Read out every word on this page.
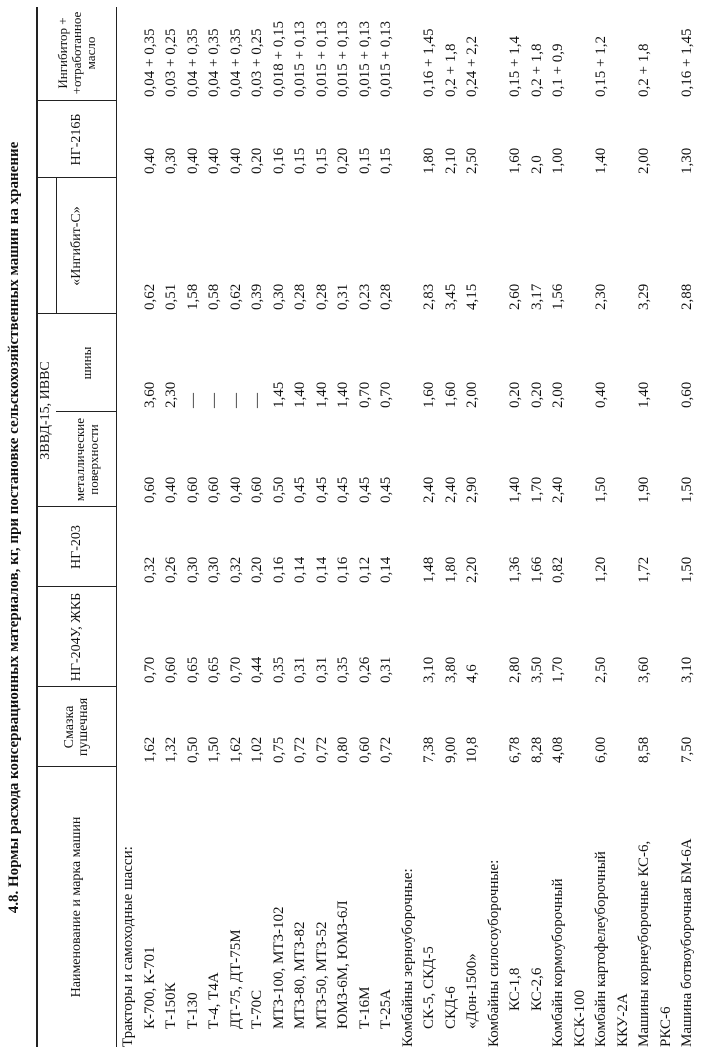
4.8. Нормы расхода консервационных материалов, кг, при постановке сельскохозяйственных машин на хранение	Наименование и марка машин
Смазка пушечная
НГ-204У, ЖКБ
НГ-203
ЗВВД-15, ИВВС	металлические поверхности
шины
«Ингибит-С»
НГ-216Б
Ингибитор + +отработанное масло
Тракторы и самоходные шасси: К-700, К-701
1,62
0,70
0,32
0,60
3,60
0,62
0,40
0,04 + 0,35
Т-150К
1,32
0,60
0,26
0,40
2,30
0,51
0,30
0,03 + 0,25
Т-130
0,50
0,65
0,30
0,60
—
1,58
0,40
0,04 + 0,35
Т-4, Т4А
1,50
0,65
0,30
0,60
—
0,58
0,40
0,04 + 0,35
ДТ-75, ДТ-75М
1,62
0,70
0,32
0,40
—
0,62
0,40
0,04 + 0,35
Т-70С
1,02
0,44
0,20
0,60
—
0,39
0,20
0,03 + 0,25
МТЗ-100, МТЗ-102
0,75
0,35
0,16
0,50
1,45
0,30
0,16
0,018 + 0,15
МТЗ-80, МТЗ-82
0,72
0,31
0,14
0,45
1,40
0,28
0,15
0,015 + 0,13
МТЗ-50, МТЗ-52
0,72
0,31
0,14
0,45
1,40
0,28
0,15
0,015 + 0,13
ЮМЗ-6М, ЮМЗ-6Л
0,80
0,35
0,16
0,45
1,40
0,31
0,20
0,015 + 0,13
Т-16М
0,60
0,26
0,12
0,45
0,70
0,23
0,15
0,015 + 0,13
Т-25А
0,72
0,31
0,14
0,45
0,70
0,28
0,15
0,015 + 0,13
Комбайны зерноуборочные: СК-5, СКД-5
7,38
3,10
1,48
2,40
1,60
2,83
1,80
0,16 + 1,45
СКД-6
9,00
3,80
1,80
2,40
1,60
3,45
2,10
0,2 + 1,8
«Дон-1500»
10,8
4,6
2,20
2,90
2,00
4,15
2,50
0,24 + 2,2
Комбайны силосоуборочные: КС-1,8
6,78
2,80
1,36
1,40
0,20
2,60
1,60
0,15 + 1,4
КС-2,6
8,28
3,50
1,66
1,70
0,20
3,17
2,0
0,2 + 1,8
Комбайн кормоуборочный
4,08
1,70
0,82
2,40
2,00
1,56
1,00
0,1 + 0,9
КСК-100 Комбайн картофелеуборочный
6,00
2,50
1,20
1,50
0,40
2,30
1,40
0,15 + 1,2
ККУ-2А Машины корнеуборочные КС-6,
8,58
3,60
1,72
1,90
1,40
3,29
2,00
0,2 + 1,8
РКС-6 Машина ботвоуборочная БМ-6А
7,50
3,10
1,50
1,50
0,60
2,88
1,30
0,16 + 1,45
